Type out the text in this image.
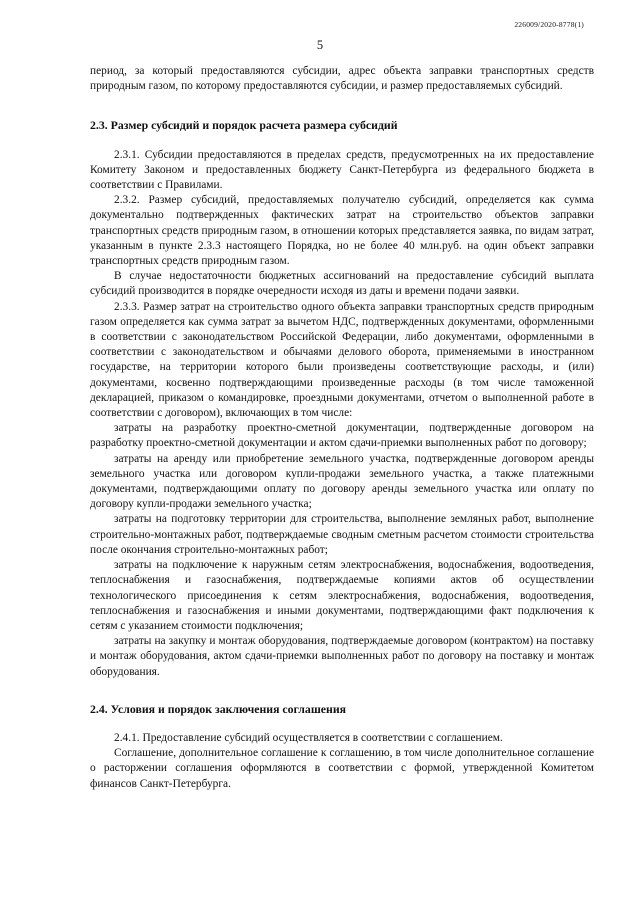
226009/2020-8778(1)
5

период, за который предоставляются субсидии, адрес объекта заправки транспортных средств природным газом, по которому предоставляются субсидии, и размер предоставляемых субсидий.

2.3. Размер субсидий и порядок расчета размера субсидий

2.3.1. Субсидии предоставляются в пределах средств, предусмотренных на их предоставление Комитету Законом и предоставленных бюджету Санкт-Петербурга из федерального бюджета в соответствии с Правилами.

2.3.2. Размер субсидий, предоставляемых получателю субсидий, определяется как сумма документально подтвержденных фактических затрат на строительство объектов заправки транспортных средств природным газом, в отношении которых представляется заявка, по видам затрат, указанным в пункте 2.3.3 настоящего Порядка, но не более 40 млн.руб. на один объект заправки транспортных средств природным газом.

В случае недостаточности бюджетных ассигнований на предоставление субсидий выплата субсидий производится в порядке очередности исходя из даты и времени подачи заявки.

2.3.3. Размер затрат на строительство одного объекта заправки транспортных средств природным газом определяется как сумма затрат за вычетом НДС, подтвержденных документами, оформленными в соответствии с законодательством Российской Федерации, либо документами, оформленными в соответствии с законодательством и обычаями делового оборота, применяемыми в иностранном государстве, на территории которого были произведены соответствующие расходы, и (или) документами, косвенно подтверждающими произведенные расходы (в том числе таможенной декларацией, приказом о командировке, проездными документами, отчетом о выполненной работе в соответствии с договором), включающих в том числе:

затраты на разработку проектно-сметной документации, подтвержденные договором на разработку проектно-сметной документации и актом сдачи-приемки выполненных работ по договору;

затраты на аренду или приобретение земельного участка, подтвержденные договором аренды земельного участка или договором купли-продажи земельного участка, а также платежными документами, подтверждающими оплату по договору аренды земельного участка или оплату по договору купли-продажи земельного участка;

затраты на подготовку территории для строительства, выполнение земляных работ, выполнение строительно-монтажных работ, подтверждаемые сводным сметным расчетом стоимости строительства после окончания строительно-монтажных работ;

затраты на подключение к наружным сетям электроснабжения, водоснабжения, водоотведения, теплоснабжения и газоснабжения, подтверждаемые копиями актов об осуществлении технологического присоединения к сетям электроснабжения, водоснабжения, водоотведения, теплоснабжения и газоснабжения и иными документами, подтверждающими факт подключения к сетям с указанием стоимости подключения;

затраты на закупку и монтаж оборудования, подтверждаемые договором (контрактом) на поставку и монтаж оборудования, актом сдачи-приемки выполненных работ по договору на поставку и монтаж оборудования.

2.4. Условия и порядок заключения соглашения

2.4.1. Предоставление субсидий осуществляется в соответствии с соглашением.

Соглашение, дополнительное соглашение к соглашению, в том числе дополнительное соглашение о расторжении соглашения оформляются в соответствии с формой, утвержденной Комитетом финансов Санкт-Петербурга.
